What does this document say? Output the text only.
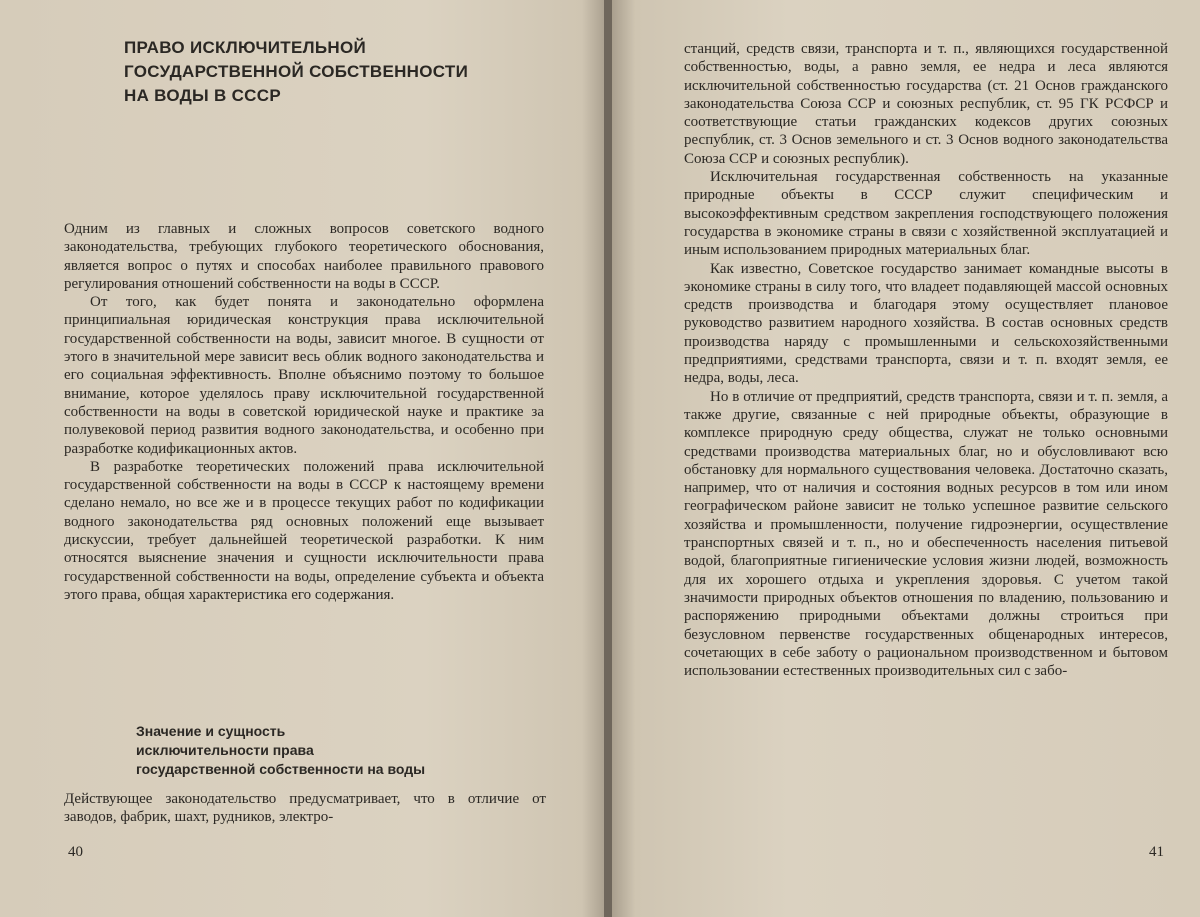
ПРАВО ИСКЛЮЧИТЕЛЬНОЙ
ГОСУДАРСТВЕННОЙ СОБСТВЕННОСТИ
НА ВОДЫ В СССР

Одним из главных и сложных вопросов советского водного законодательства, требующих глубокого теоретического обоснования, является вопрос о путях и способах наиболее правильного правового регулирования отношений собственности на воды в СССР.

От того, как будет понята и законодательно оформлена принципиальная юридическая конструкция права исключительной государственной собственности на воды, зависит многое. В сущности от этого в значительной мере зависит весь облик водного законодательства и его социальная эффективность. Вполне объяснимо поэтому то большое внимание, которое уделялось праву исключительной государственной собственности на воды в советской юридической науке и практике за полувековой период развития водного законодательства, и особенно при разработке кодификационных актов.

В разработке теоретических положений права исключительной государственной собственности на воды в СССР к настоящему времени сделано немало, но все же и в процессе текущих работ по кодификации водного законодательства ряд основных положений еще вызывает дискуссии, требует дальнейшей теоретической разработки. К ним относятся выяснение значения и сущности исключительности права государственной собственности на воды, определение субъекта и объекта этого права, общая характеристика его содержания.

Значение и сущность
исключительности права
государственной собственности на воды

Действующее законодательство предусматривает, что в отличие от заводов, фабрик, шахт, рудников, электро-

40

станций, средств связи, транспорта и т. п., являющихся государственной собственностью, воды, а равно земля, ее недра и леса являются исключительной собственностью государства (ст. 21 Основ гражданского законодательства Союза ССР и союзных республик, ст. 95 ГК РСФСР и соответствующие статьи гражданских кодексов других союзных республик, ст. 3 Основ земельного и ст. 3 Основ водного законодательства Союза ССР и союзных республик).

Исключительная государственная собственность на указанные природные объекты в СССР служит специфическим и высокоэффективным средством закрепления господствующего положения государства в экономике страны в связи с хозяйственной эксплуатацией и иным использованием природных материальных благ.

Как известно, Советское государство занимает командные высоты в экономике страны в силу того, что владеет подавляющей массой основных средств производства и благодаря этому осуществляет плановое руководство развитием народного хозяйства. В состав основных средств производства наряду с промышленными и сельскохозяйственными предприятиями, средствами транспорта, связи и т. п. входят земля, ее недра, воды, леса.

Но в отличие от предприятий, средств транспорта, связи и т. п. земля, а также другие, связанные с ней природные объекты, образующие в комплексе природную среду общества, служат не только основными средствами производства материальных благ, но и обусловливают всю обстановку для нормального существования человека. Достаточно сказать, например, что от наличия и состояния водных ресурсов в том или ином географическом районе зависит не только успешное развитие сельского хозяйства и промышленности, получение гидроэнергии, осуществление транспортных связей и т. п., но и обеспеченность населения питьевой водой, благоприятные гигиенические условия жизни людей, возможность для их хорошего отдыха и укрепления здоровья. С учетом такой значимости природных объектов отношения по владению, пользованию и распоряжению природными объектами должны строиться при безусловном первенстве государственных общенародных интересов, сочетающих в себе заботу о рациональном производственном и бытовом использовании естественных производительных сил с забо-

41
